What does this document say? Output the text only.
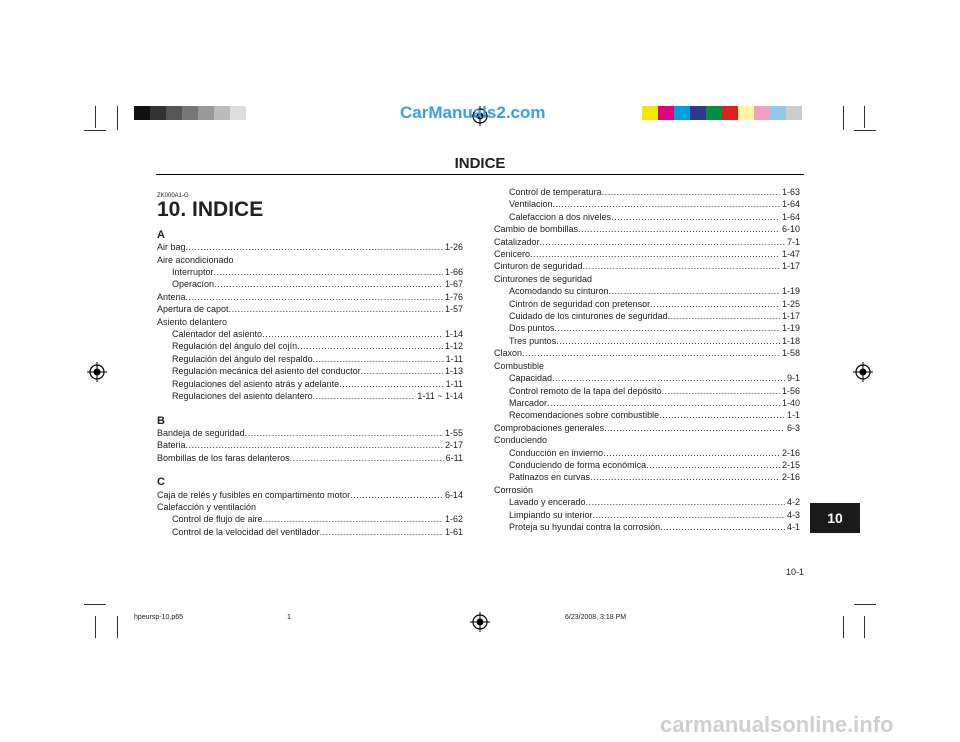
CarManuals2.com
INDICE
ZK000A1-G
10. INDICE
A
Air bag .....	1-26
Aire acondicionado
Interruptor .....	1-66
Operacíon .....	1-67
Antena .....	1-76
Apertura de capot .....	1-57
Asiento delantero
Calentador del asiento .....	1-14
Regulación del ángulo del cojín .....	1-12
Regulación del ángulo del respaldo .....	1-11
Regulación mecánica del asiento del conductor .....	1-13
Regulaciones del asiento atrás y adelante .....	1-11
Regulaciones del asiento delantero .....	1-11 ~ 1-14
B
Bandeja de seguridad .....	1-55
Bateria .....	2-17
Bombillas de los faras delanteros .....	6-11
C
Caja de relés y fusibles en compartimento motor .....	6-14
Calefacción y ventilación
Control de flujo de aire .....	1-62
Control de la velocidad del ventilador .....	1-61
Control de temperatura .....	1-63
Ventilacion .....	1-64
Calefaccion a dos niveles .....	1-64
Cambio de bombillas .....	6-10
Catalizador .....	7-1
Cenicero .....	1-47
Cinturon de seguridad .....	1-17
Cinturones de seguridad
Acomodando su cinturon .....	1-19
Cintrón de seguridad con pretensor .....	1-25
Cuidado de los cinturones de seguridad .....	1-17
Dos puntos .....	1-19
Tres puntos .....	1-18
Claxon .....	1-58
Combustible
Capacidad .....	9-1
Control remoto de la tapa del depósito .....	1-56
Marcador .....	1-40
Recomendaciones sobre combustible .....	1-1
Comprobaciones generales .....	6-3
Conduciendo
Conducción en invierno .....	2-16
Conduciendo de forma económica .....	2-15
Patinazos en curvas .....	2-16
Corrosión
Lavado y encerado .....	4-2
Limpiando su interior .....	4-3
Proteja su hyundai contra la corrosión .....	4-1
10
10-1
hpeursp-10.p65	1	6/23/2008, 3:18 PM
carmanualsonline.info
